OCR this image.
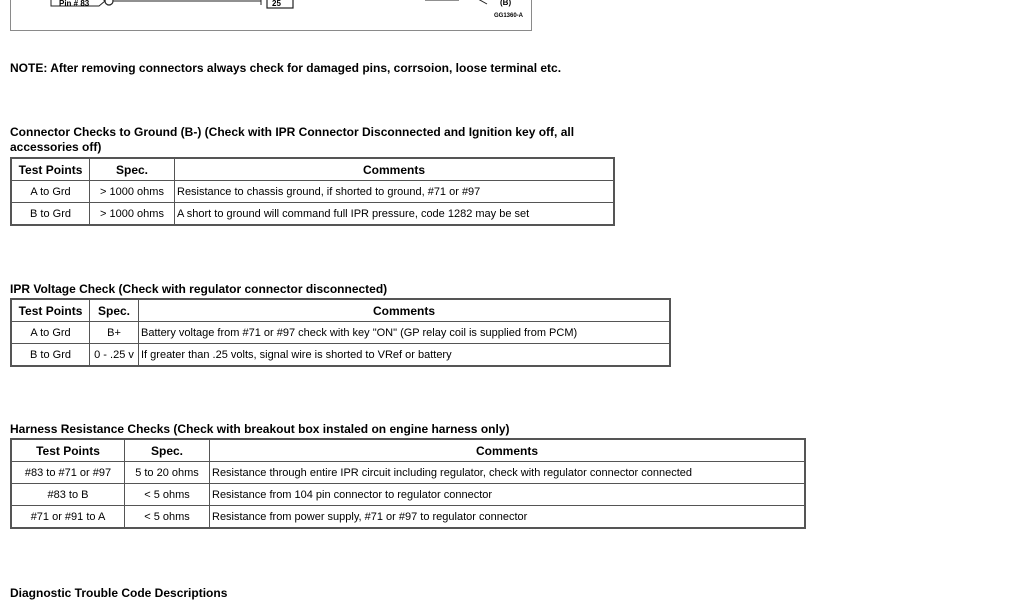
Pin # 83	25	(B)
GG1360-A
NOTE: After removing connectors always check for damaged pins, corrsoion, loose terminal etc.
Connector Checks to Ground (B-) (Check with IPR Connector Disconnected and Ignition key off, all
accessories off)
Test Points	Spec.	Comments
A to Grd	> 1000 ohms	Resistance to chassis ground, if shorted to ground, #71 or #97
B to Grd	> 1000 ohms	A short to ground will command full IPR pressure, code 1282 may be set
IPR Voltage Check (Check with regulator connector disconnected)
Test Points	Spec.	Comments
A to Grd	B+	Battery voltage from #71 or #97 check with key "ON" (GP relay coil is supplied from PCM)
B to Grd	0 - .25 v	If greater than .25 volts, signal wire is shorted to VRef or battery
Harness Resistance Checks (Check with breakout box instaled on engine harness only)
Test Points	Spec.	Comments
#83 to #71 or #97	5 to 20 ohms	Resistance through entire IPR circuit including regulator, check with regulator connector connected
#83 to B	< 5 ohms	Resistance from 104 pin connector to regulator connector
#71 or #91 to A	< 5 ohms	Resistance from power supply, #71 or #97 to regulator connector
Diagnostic Trouble Code Descriptions
